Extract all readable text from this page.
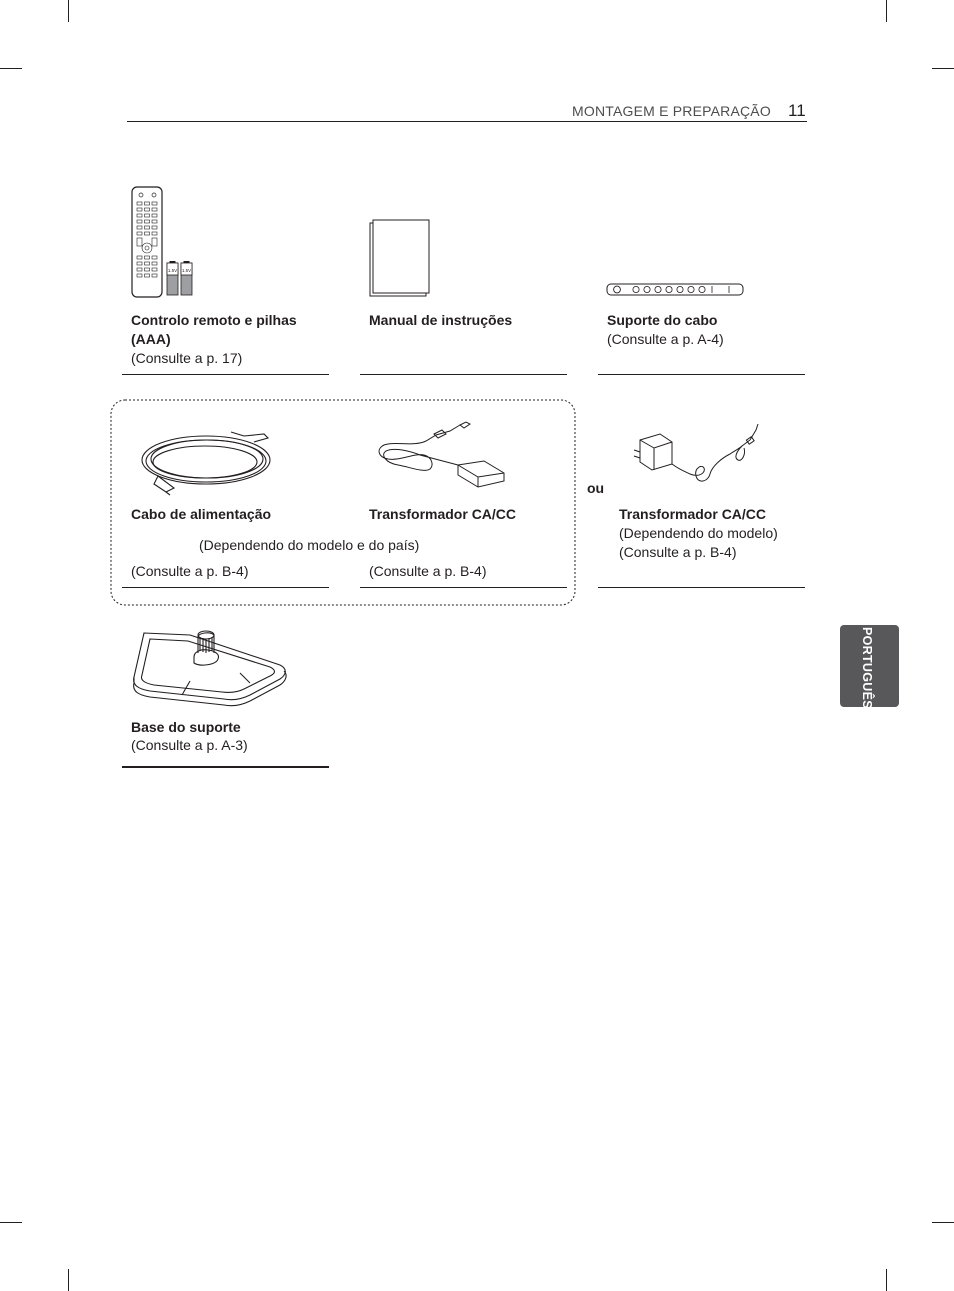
MONTAGEM E PREPARAÇÃO 11
PORTUGUÊS
1.5V 1.5V
Controlo remoto e pilhas
(AAA)
(Consulte a p. 17)
Manual de instruções	Suporte do cabo
(Consulte a p. A-4)
Cabo de alimentação
(Dependendo do modelo e do país)
(Consulte a p. B-4)
Transformador CA/CC
(Consulte a p. B-4)
ou
Transformador CA/CC
(Dependendo do modelo)
(Consulte a p. B-4)
Base do suporte
(Consulte a p. A-3)
